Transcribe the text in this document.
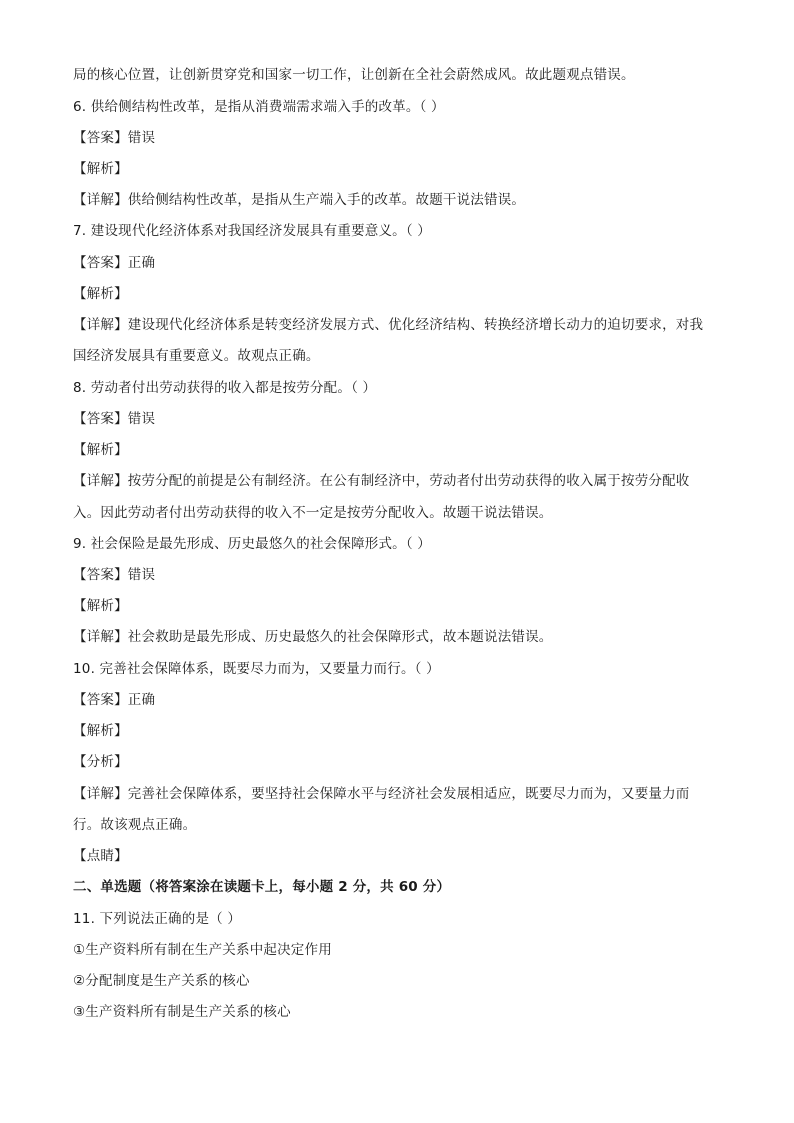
局的核心位置，让创新贯穿党和国家一切工作，让创新在全社会蔚然成风。故此题观点错误。
6. 供给侧结构性改革，是指从消费端需求端入手的改革。（ ）
【答案】错误
【解析】
【详解】供给侧结构性改革，是指从生产端入手的改革。故题干说法错误。
7. 建设现代化经济体系对我国经济发展具有重要意义。（ ）
【答案】正确
【解析】
【详解】建设现代化经济体系是转变经济发展方式、优化经济结构、转换经济增长动力的迫切要求，对我
国经济发展具有重要意义。故观点正确。
8. 劳动者付出劳动获得的收入都是按劳分配。（ ）
【答案】错误
【解析】
【详解】按劳分配的前提是公有制经济。在公有制经济中，劳动者付出劳动获得的收入属于按劳分配收
入。因此劳动者付出劳动获得的收入不一定是按劳分配收入。故题干说法错误。
9. 社会保险是最先形成、历史最悠久的社会保障形式。（ ）
【答案】错误
【解析】
【详解】社会救助是最先形成、历史最悠久的社会保障形式，故本题说法错误。
10. 完善社会保障体系，既要尽力而为，又要量力而行。（ ）
【答案】正确
【解析】
【分析】
【详解】完善社会保障体系，要坚持社会保障水平与经济社会发展相适应，既要尽力而为，又要量力而
行。故该观点正确。
【点睛】
二、单选题（将答案涂在读题卡上，每小题 2 分，共 60 分）
11. 下列说法正确的是（ ）
①生产资料所有制在生产关系中起决定作用
②分配制度是生产关系的核心
③生产资料所有制是生产关系的核心
